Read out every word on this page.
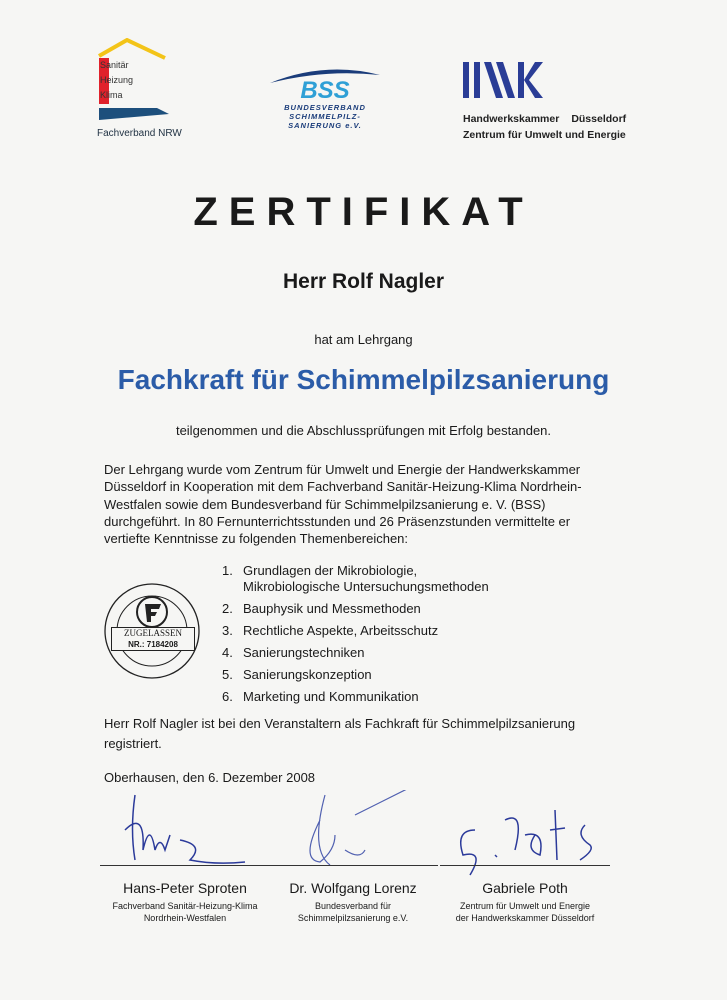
Sanitär
Heizung
Klima
Fachverband NRW
BSS
BUNDESVERBAND
SCHIMMELPILZ-
SANIERUNG e.V.
Handwerkskammer Düsseldorf
Zentrum für Umwelt und Energie
ZERTIFIKAT
Herr Rolf Nagler
hat am Lehrgang
Fachkraft für Schimmelpilzsanierung
teilgenommen und die Abschlussprüfungen mit Erfolg bestanden.
Der Lehrgang wurde vom Zentrum für Umwelt und Energie der Handwerkskammer Düsseldorf in Kooperation mit dem Fachverband Sanitär-Heizung-Klima Nordrhein-Westfalen sowie dem Bundesverband für Schimmelpilzsanierung e. V. (BSS) durchgeführt. In 80 Fernunterrichtsstunden und 26 Präsenzstunden vermittelte er vertiefte Kenntnisse zu folgenden Themenbereichen:
1. Grundlagen der Mikrobiologie,
Mikrobiologische Untersuchungsmethoden
2. Bauphysik und Messmethoden
3. Rechtliche Aspekte, Arbeitsschutz
4. Sanierungstechniken
5. Sanierungskonzeption
6. Marketing und Kommunikation
ZUGELASSEN
NR.: 7184208
Herr Rolf Nagler ist bei den Veranstaltern als Fachkraft für Schimmelpilzsanierung registriert.
Oberhausen, den 6. Dezember 2008
Hans-Peter Sproten
Fachverband Sanitär-Heizung-Klima
Nordrhein-Westfalen
Dr. Wolfgang Lorenz
Bundesverband für
Schimmelpilzsanierung e.V.
Gabriele Poth
Zentrum für Umwelt und Energie
der Handwerkskammer Düsseldorf
